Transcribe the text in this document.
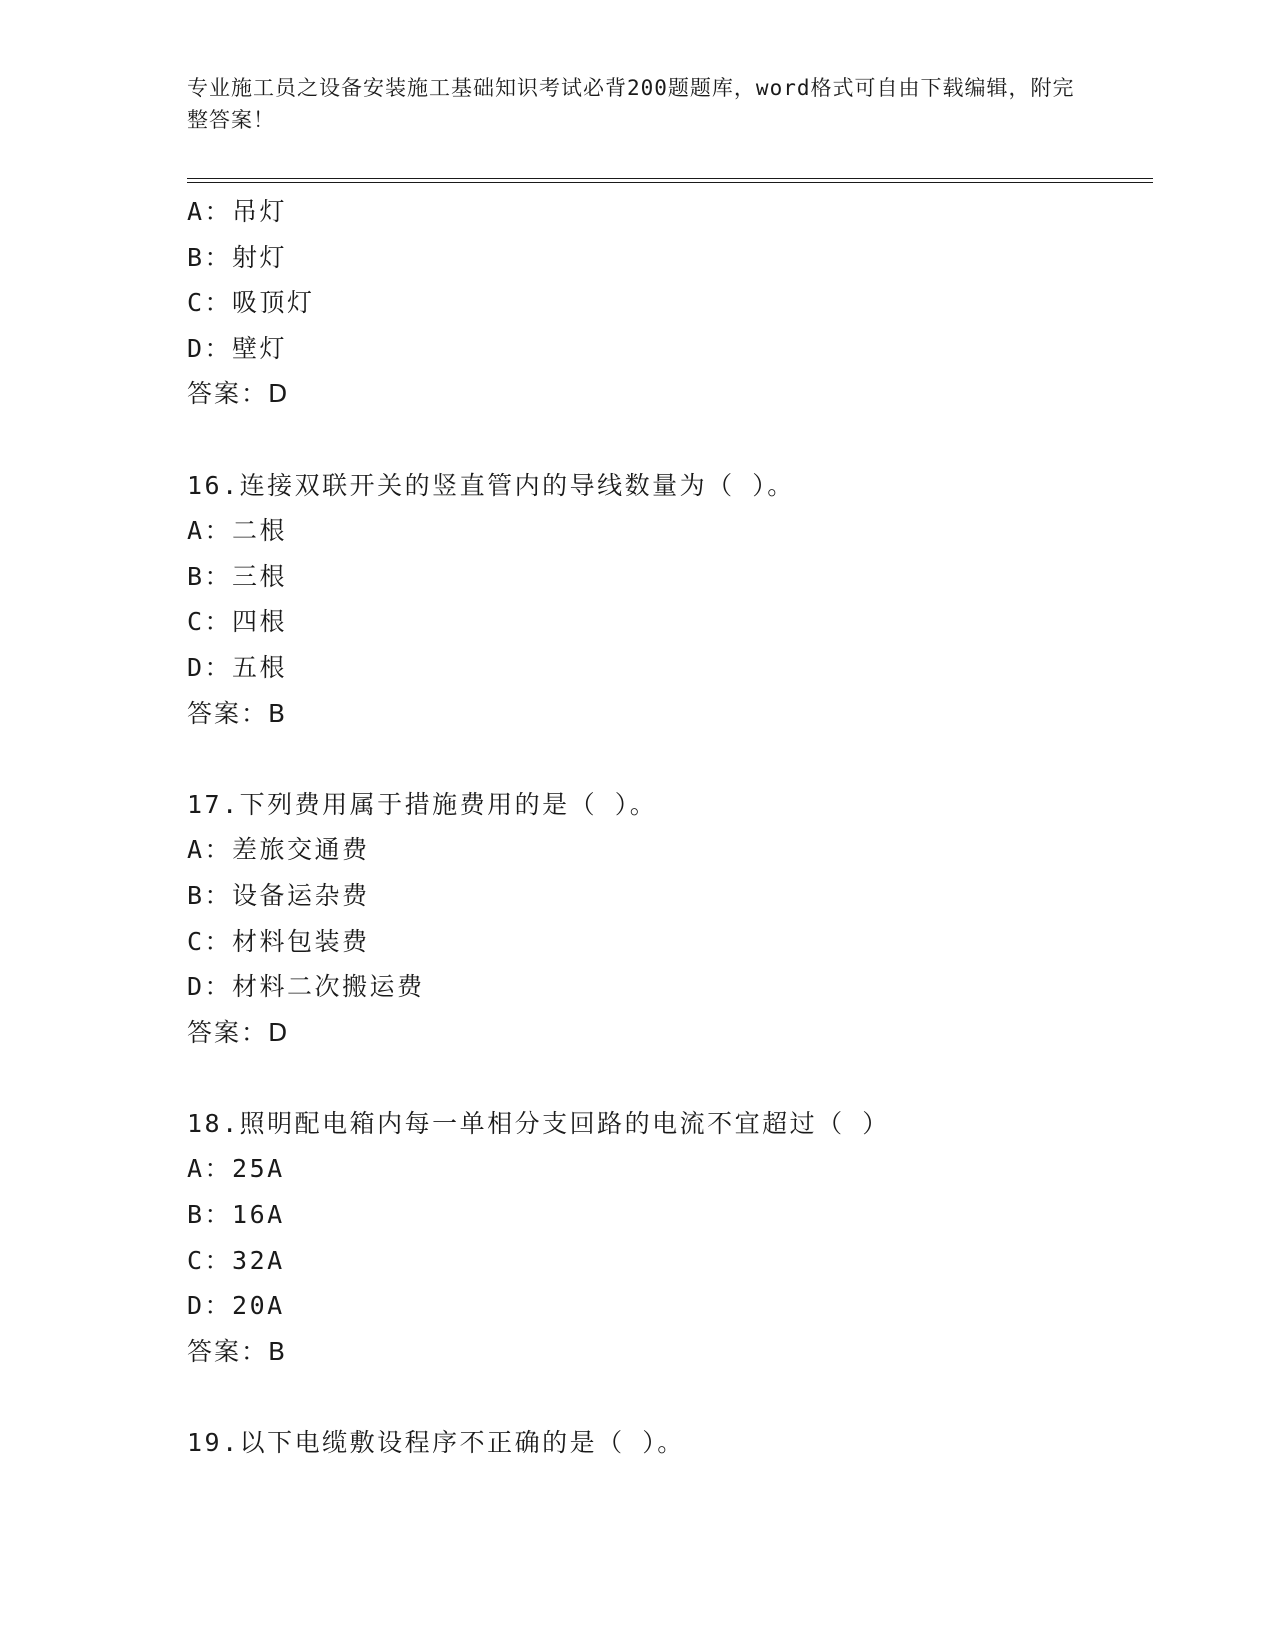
专业施工员之设备安装施工基础知识考试必背200题题库，word格式可自由下载编辑，附完整答案！
A：吊灯
B：射灯
C：吸顶灯
D：壁灯
答案：D
16.连接双联开关的竖直管内的导线数量为（ ）。
A：二根
B：三根
C：四根
D：五根
答案：B
17.下列费用属于措施费用的是（ ）。
A：差旅交通费
B：设备运杂费
C：材料包装费
D：材料二次搬运费
答案：D
18.照明配电箱内每一单相分支回路的电流不宜超过（ ）
A：25A
B：16A
C：32A
D：20A
答案：B
19.以下电缆敷设程序不正确的是（ ）。
